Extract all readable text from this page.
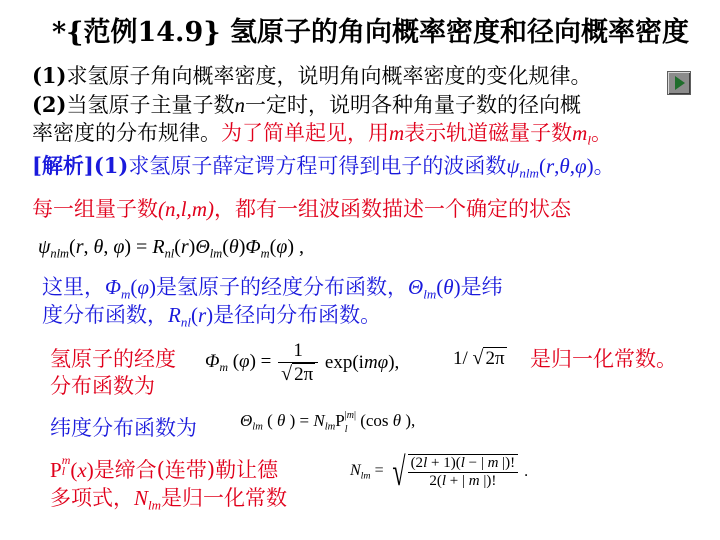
*{范例14.9} 氢原子的角向概率密度和径向概率密度
(1)求氢原子角向概率密度，说明角向概率密度的变化规律。
(2)当氢原子主量子数n一定时，说明各种角量子数的径向概
率密度的分布规律。为了简单起见，用m表示轨道磁量子数$m_l$。
[解析](1)求氢原子薛定谔方程可得到电子的波函数$\psi_{nlm}(r,\theta,\varphi)$。
每一组量子数(n,l,m)，都有一组波函数描述一个确定的状态
$\psi_{nlm}(r$, θ, $\varphi) = R_{nl}(r)\Theta_{lm}(\theta)\Phi_m(\varphi)$ ,
这里，$\Phi_m(\varphi)$是氢原子的经度分布函数，$\Theta_{lm}(\theta)$是纬
度分布函数，$R_{nl}(r)$是径向分布函数。
氢原子的经度
分布函数为
$\Phi_m$ $(\varphi) = \frac{1}{√ 2\pi} \exp(im\varphi)$,	1/ √ 2π 是归一化常数。
纬度分布函数为	$\Theta_{lm}$ ( θ ) = $N_{lm}P$ |m|
l (cos θ ),
P m
l (x)是缔合(连带)勒让德
多项式，$N_{lm}$是归一化常数
$N_{lm}$ = √ $\frac{(2l + 1)(l - | m |)!}{2(l + | m |)!}$ .
